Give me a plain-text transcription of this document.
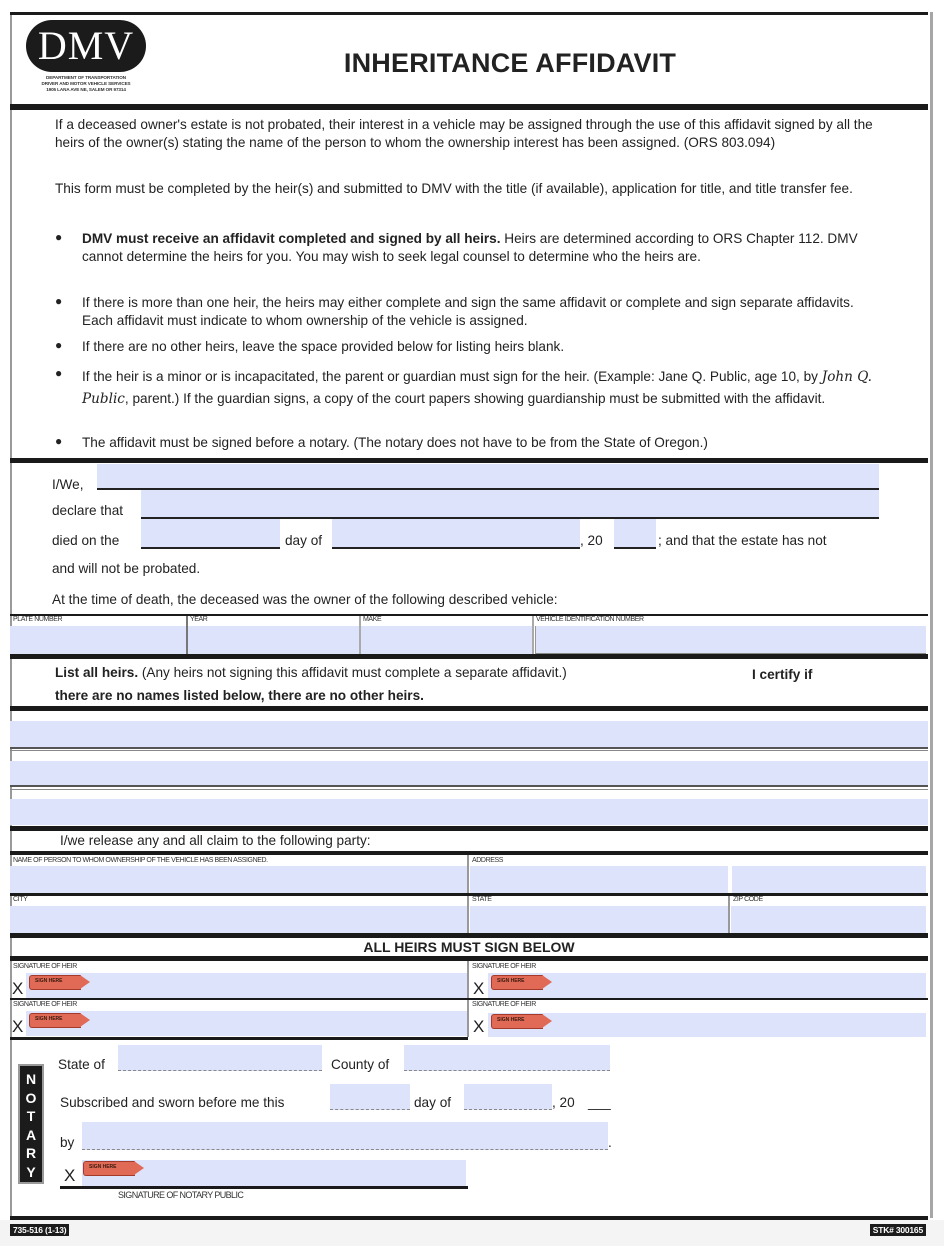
DMV
DEPARTMENT OF TRANSPORTATION
DRIVER AND MOTOR VEHICLE SERVICES
1905 LANA AVE NE, SALEM OR 97314
INHERITANCE AFFIDAVIT
If a deceased owner's estate is not probated, their interest in a vehicle may be assigned through the use of this affidavit signed by all the heirs of the owner(s) stating the name of the person to whom the ownership interest has been assigned. (ORS 803.094)
This form must be completed by the heir(s) and submitted to DMV with the title (if available), application for title, and title transfer fee.
● DMV must receive an affidavit completed and signed by all heirs. Heirs are determined according to ORS Chapter 112. DMV cannot determine the heirs for you. You may wish to seek legal counsel to determine who the heirs are.
● If there is more than one heir, the heirs may either complete and sign the same affidavit or complete and sign separate affidavits. Each affidavit must indicate to whom ownership of the vehicle is assigned.
● If there are no other heirs, leave the space provided below for listing heirs blank.
● If the heir is a minor or is incapacitated, the parent or guardian must sign for the heir. (Example: Jane Q. Public, age 10, by John Q. Public, parent.) If the guardian signs, a copy of the court papers showing guardianship must be submitted with the affidavit.
● The affidavit must be signed before a notary. (The notary does not have to be from the State of Oregon.)
I/We,
declare that
died on the	day of	, 20	; and that the estate has not
and will not be probated.
At the time of death, the deceased was the owner of the following described vehicle:
PLATE NUMBER	YEAR	MAKE	VEHICLE IDENTIFICATION NUMBER
List all heirs. (Any heirs not signing this affidavit must complete a separate affidavit.)	I certify if there are no names listed below, there are no other heirs.
I/we release any and all claim to the following party:
NAME OF PERSON TO WHOM OWNERSHIP OF THE VEHICLE HAS BEEN ASSIGNED.	ADDRESS
CITY	STATE	ZIP CODE
ALL HEIRS MUST SIGN BELOW
SIGNATURE OF HEIR
X SIGN HERE
SIGNATURE OF HEIR
X	SIGN HERE
SIGNATURE OF HEIR
X SIGN HERE
SIGNATURE OF HEIR
X	SIGN HERE
N
O
T
A
R
Y
State of	County of
Subscribed and sworn before me this	day of	, 20 ___
by	.
X	SIGN HERE
SIGNATURE OF NOTARY PUBLIC
735-516 (1-13)	STK# 300165
